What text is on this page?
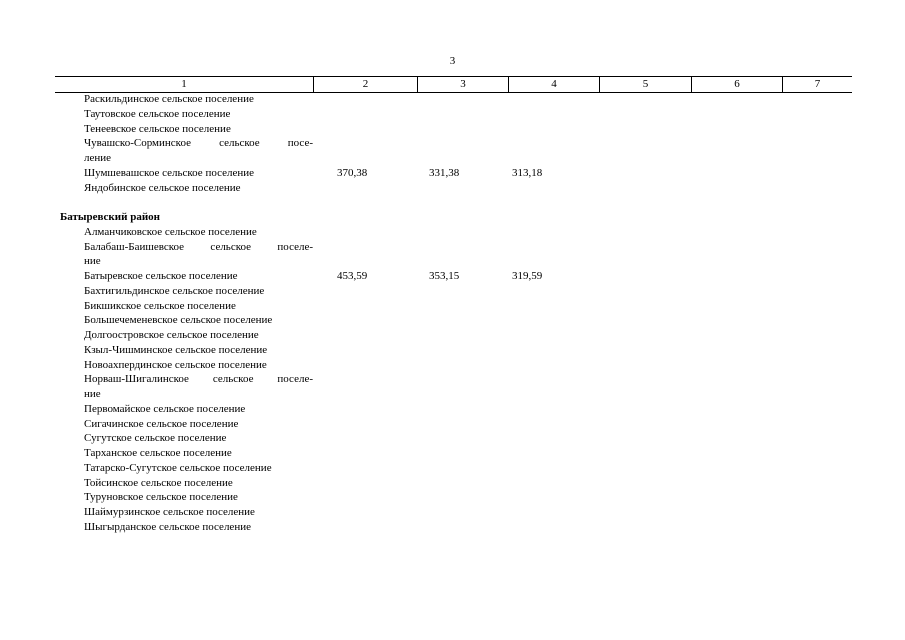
3
1	2	3	4	5	6	7
Раскильдинское сельское поселение
Таутовское сельское поселение
Тенеевское сельское поселение
Чувашско-Сорминское сельское посе-
ление
Шумшевашское сельское поселение	370,38	331,38	313,18
Яндобинское сельское поселение
Батыревский район
Алманчиковское сельское поселение
Балабаш-Баишевское сельское поселе-
ние
Батыревское сельское поселение	453,59	353,15	319,59
Бахтигильдинское сельское поселение
Бикшикское сельское поселение
Большечеменевское сельское поселение
Долгоостровское сельское поселение
Кзыл-Чишминское сельское поселение
Новоахпердинское сельское поселение
Норваш-Шигалинское сельское поселе-
ние
Первомайское сельское поселение
Сигачинское сельское поселение
Сугутское сельское поселение
Тарханское сельское поселение
Татарско-Сугутское сельское поселение
Тойсинское сельское поселение
Туруновское сельское поселение
Шаймурзинское сельское поселение
Шыгырданское сельское поселение
